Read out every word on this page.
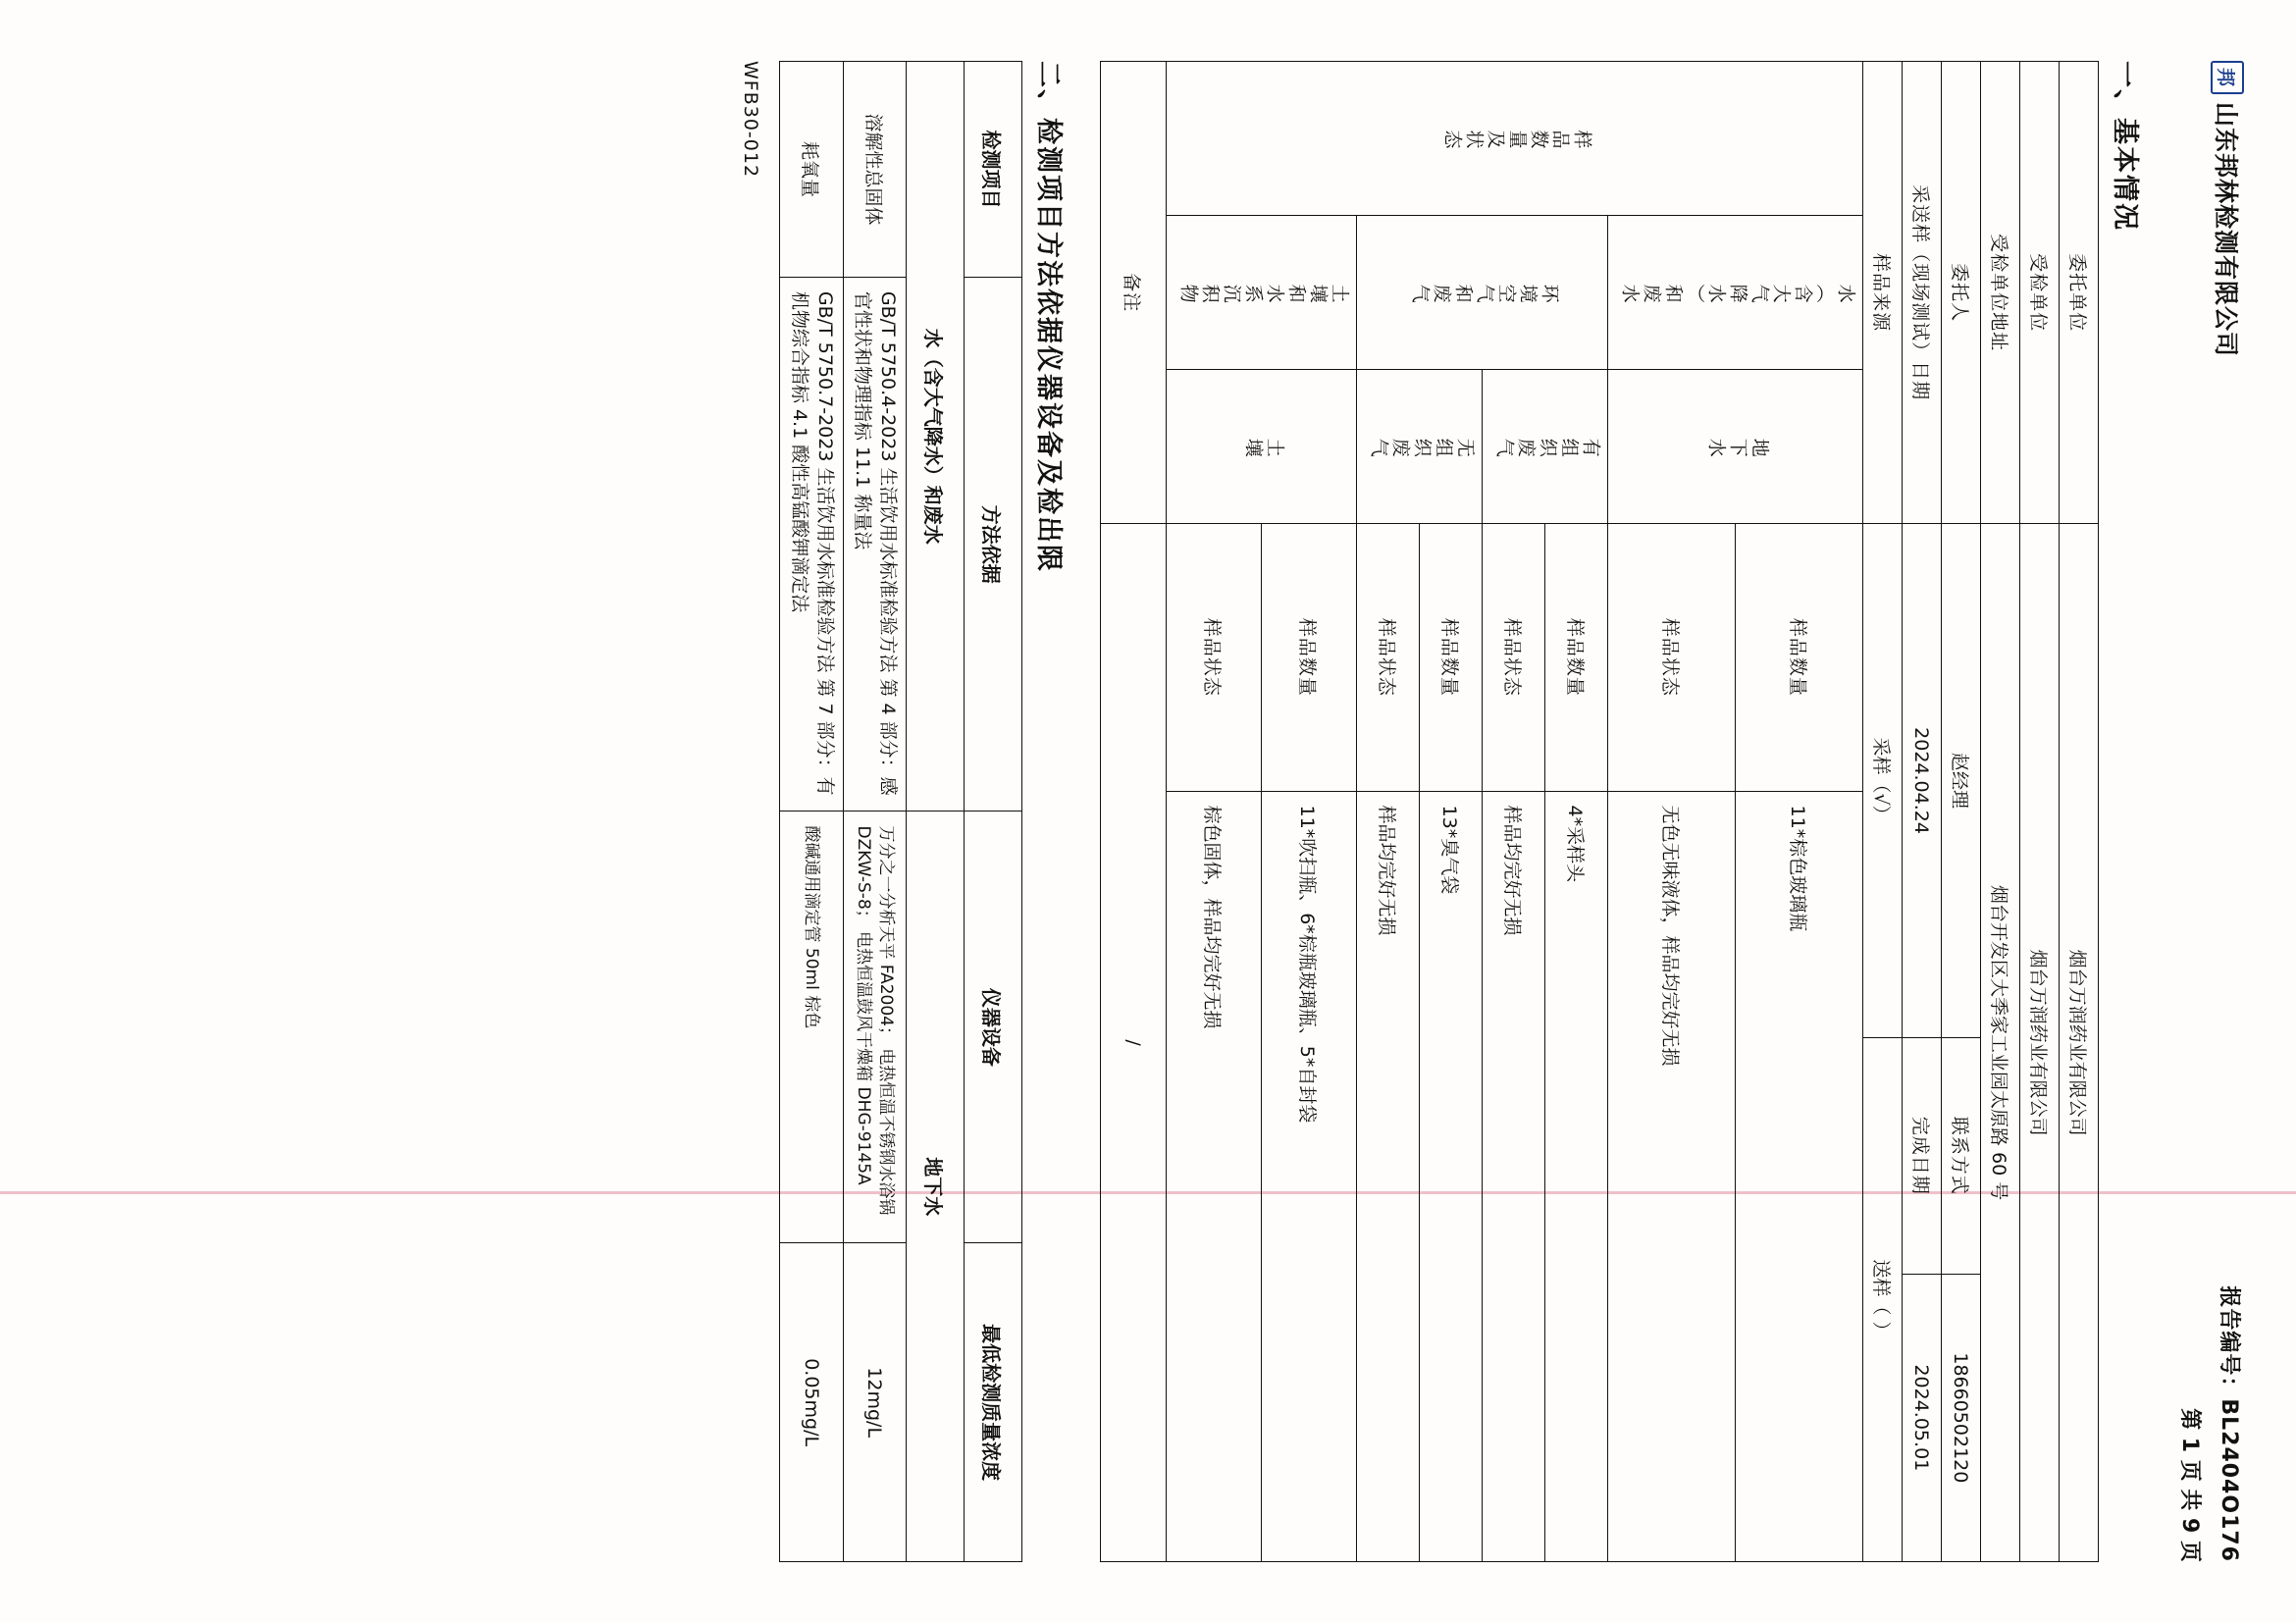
邦
山东邦林检测有限公司
报告编号：BL2404O176
第 1 页 共 9 页
一、基本情况
委托单位			烟台万润药业有限公司			
受检单位			烟台万润药业有限公司			
受检单位地址			烟台开发区大季家工业园太原路 60 号			
委托人			赵经理		联系方式	18660502120
采送样（现场测试）日期			2024.04.24		完成日期	2024.05.01
样品来源			采样（√）		送样（ ）	
样品数量及状态	水（含大气降水）和废水	地下水	样品数量	11*棕色玻璃瓶		
			样品状态	无色无味液体，样品均完好无损		
	环境空气和废气	有组织废气	样品数量	4*采样头		
			样品状态	样品均完好无损		
		无组织废气	样品数量	13*臭气袋		
			样品状态	样品均完好无损		
	土壤和水系沉积物	土壤	样品数量	11*吹扫瓶、6*棕瓶玻璃瓶、5*自封袋		
			样品状态	棕色固体，样品均完好无损		
备注			/			
二、检测项目方法依据仪器设备及检出限
检测项目	方法依据	仪器设备	最低检测质量浓度
水（含大气降水）和废水		地下水	
溶解性总固体	GB/T 5750.4-2023 生活饮用水标准检验方法 第 4 部分：感官性状和物理指标 11.1 称量法	万分之一分析天平 FA2004； 电热恒温不锈钢水浴锅 DZKW-S-8； 电热恒温鼓风干燥箱 DHG-9145A	12mg/L
耗氧量	GB/T 5750.7-2023 生活饮用水标准检验方法 第 7 部分：有机物综合指标 4.1 酸性高锰酸钾滴定法	酸碱通用滴定管 50ml 棕色	0.05mg/L
WFB30-012
